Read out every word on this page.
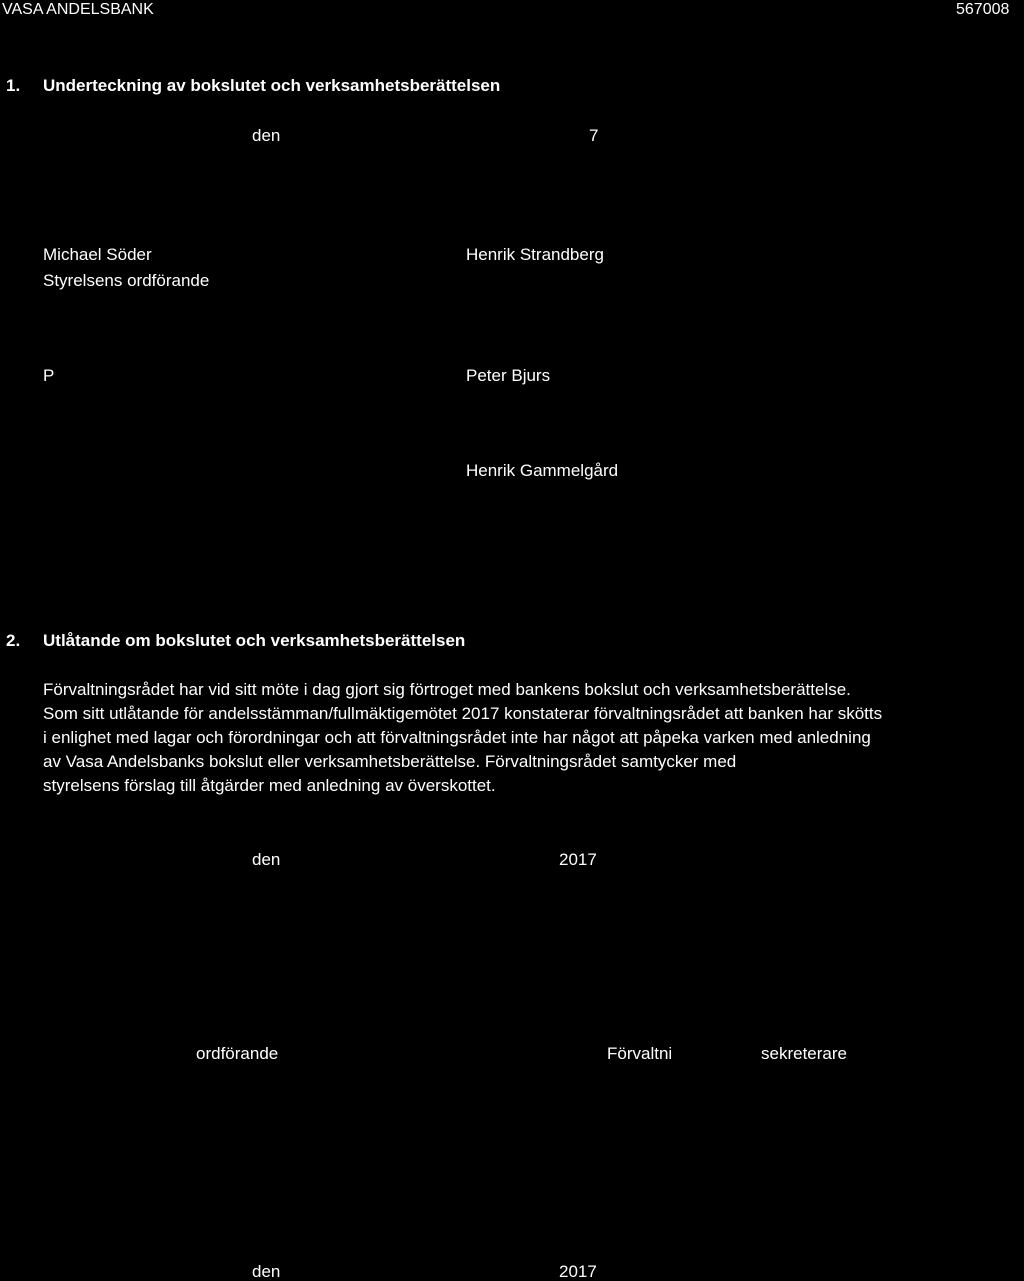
VASA ANDELSBANK	567008
1. Underteckning av bokslutet och verksamhetsberättelsen
den	7
Michael Söder
Styrelsens ordförande
Henrik Strandberg
P	Peter Bjurs
Henrik Gammelgård
2. Utlåtande om bokslutet och verksamhetsberättelsen
Förvaltningsrådet har vid sitt möte i dag gjort sig förtroget med bankens bokslut och verksamhetsberättelse.
Som sitt utlåtande för andelsstämman/fullmäktigemötet 2017 konstaterar förvaltningsrådet att banken har skötts
i enlighet med lagar och förordningar och att förvaltningsrådet inte har något att påpeka varken med anledning
av Vasa Andelsbanks bokslut eller verksamhetsberättelse. Förvaltningsrådet samtycker med
styrelsens förslag till åtgärder med anledning av överskottet.
den	2017
ordförande	Förvaltni	sekreterare
den	2017
